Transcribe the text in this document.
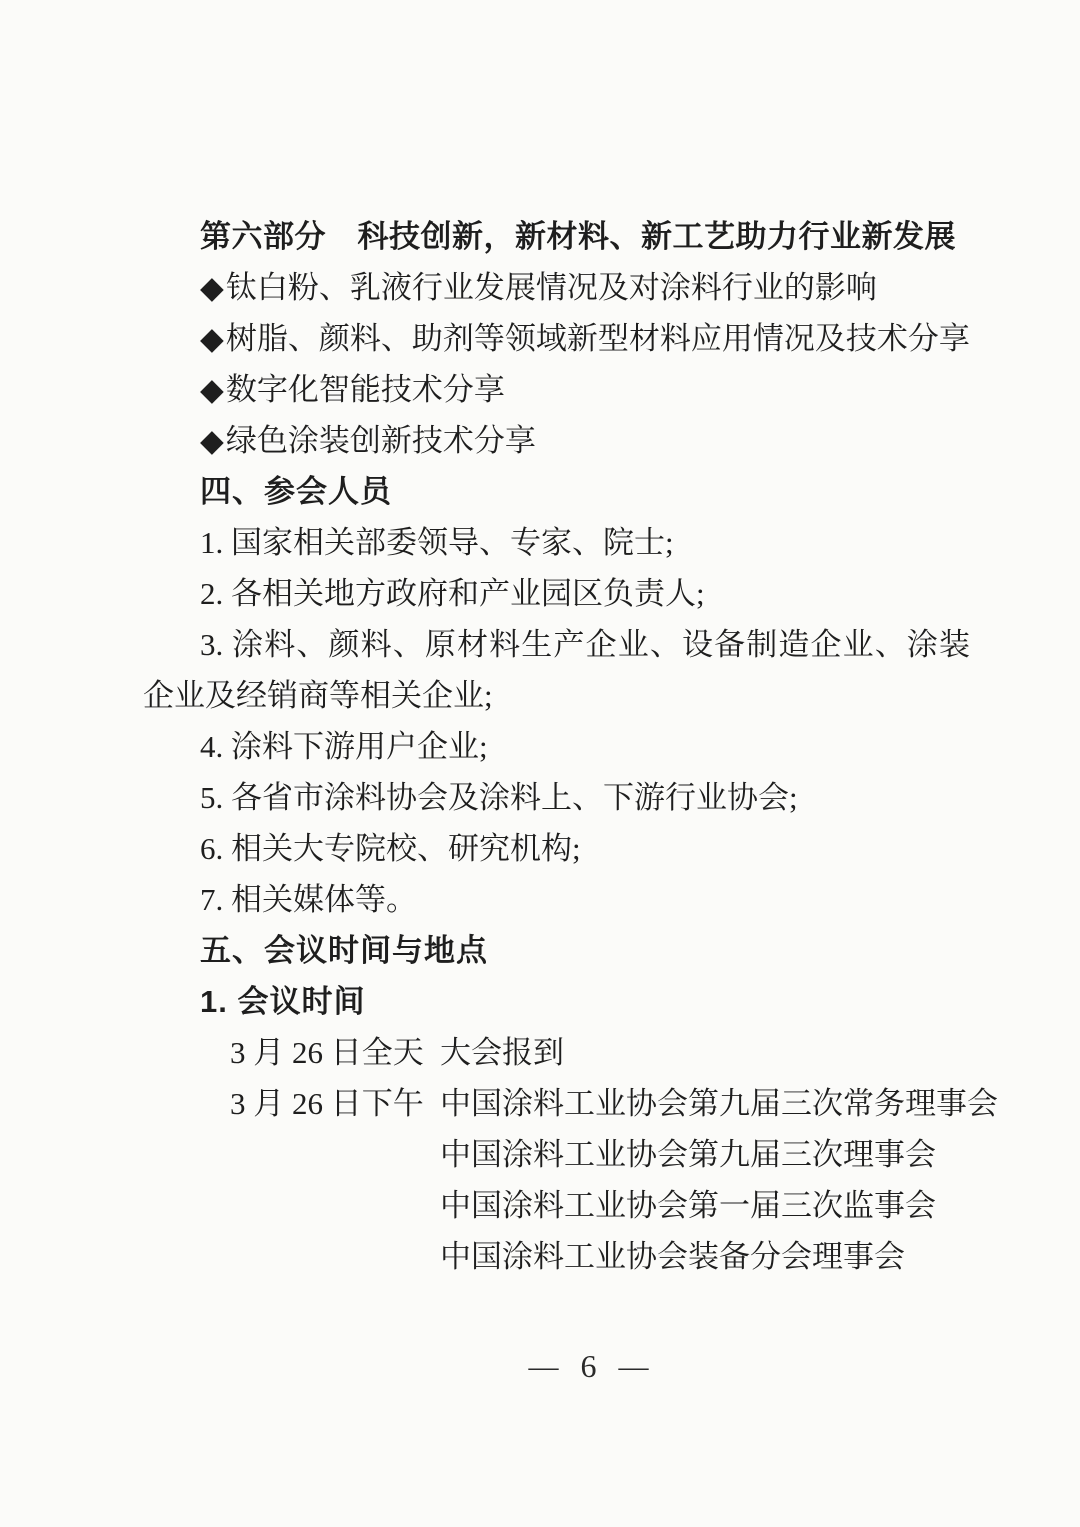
第六部分　科技创新，新材料、新工艺助力行业新发展

◆钛白粉、乳液行业发展情况及对涂料行业的影响

◆树脂、颜料、助剂等领域新型材料应用情况及技术分享

◆数字化智能技术分享

◆绿色涂装创新技术分享

四、参会人员

1. 国家相关部委领导、专家、院士;

2. 各相关地方政府和产业园区负责人;

3. 涂料、颜料、原材料生产企业、设备制造企业、涂装企业及经销商等相关企业;

4. 涂料下游用户企业;

5. 各省市涂料协会及涂料上、下游行业协会;

6. 相关大专院校、研究机构;

7. 相关媒体等。

五、会议时间与地点

1. 会议时间

3 月 26 日全天 大会报到

3 月 26 日下午 中国涂料工业协会第九届三次常务理事会

中国涂料工业协会第九届三次理事会

中国涂料工业协会第一届三次监事会

中国涂料工业协会装备分会理事会

— 6 —
